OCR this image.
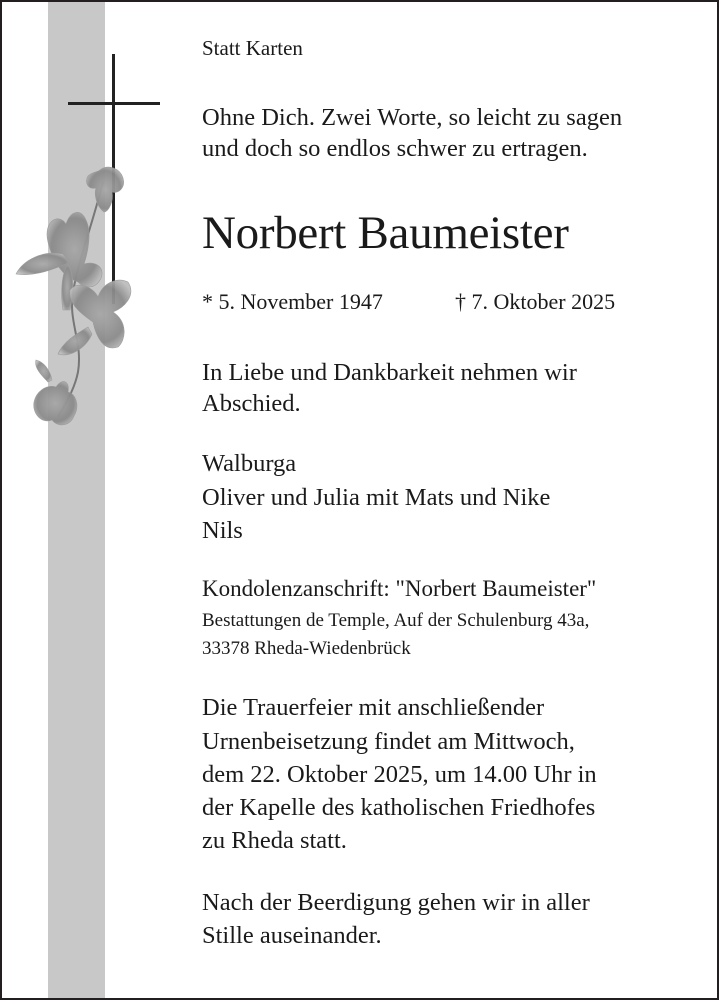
Statt Karten
Ohne Dich. Zwei Worte, so leicht zu sagen
und doch so endlos schwer zu ertragen.
Norbert Baumeister
* 5. November 1947	† 7. Oktober 2025
In Liebe und Dankbarkeit nehmen wir
Abschied.
Walburga
Oliver und Julia mit Mats und Nike
Nils
Kondolenzanschrift: "Norbert Baumeister"
Bestattungen de Temple, Auf der Schulenburg 43a,
33378 Rheda-Wiedenbrück
Die Trauerfeier mit anschließender
Urnenbeisetzung findet am Mittwoch,
dem 22. Oktober 2025, um 14.00 Uhr in
der Kapelle des katholischen Friedhofes
zu Rheda statt.
Nach der Beerdigung gehen wir in aller
Stille auseinander.
